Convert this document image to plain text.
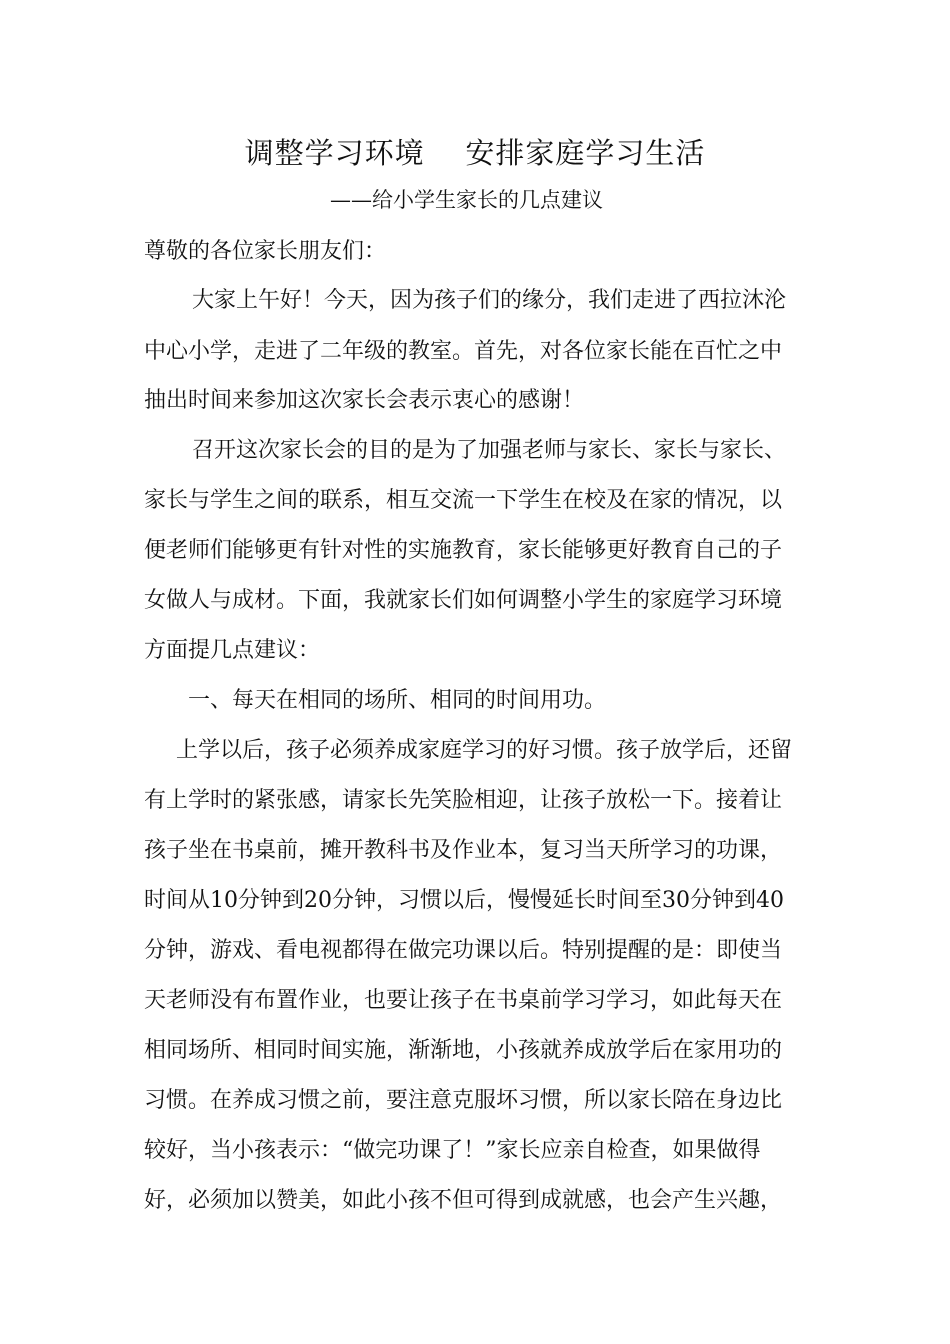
调整学习环境    安排家庭学习生活
——给小学生家长的几点建议
尊敬的各位家长朋友们：
　大家上午好！今天，因为孩子们的缘分，我们走进了西拉沐沦
中心小学，走进了二年级的教室。首先，对各位家长能在百忙之中
抽出时间来参加这次家长会表示衷心的感谢！
　召开这次家长会的目的是为了加强老师与家长、家长与家长、
家长与学生之间的联系，相互交流一下学生在校及在家的情况，以
便老师们能够更有针对性的实施教育，家长能够更好教育自己的子
女做人与成材。下面，我就家长们如何调整小学生的家庭学习环境
方面提几点建议：
　一、每天在相同的场所、相同的时间用功。
　上学以后，孩子必须养成家庭学习的好习惯。孩子放学后，还留
有上学时的紧张感，请家长先笑脸相迎，让孩子放松一下。接着让
孩子坐在书桌前，摊开教科书及作业本，复习当天所学习的功课，
时间从10分钟到20分钟，习惯以后，慢慢延长时间至30分钟到40
分钟，游戏、看电视都得在做完功课以后。特别提醒的是：即使当
天老师没有布置作业，也要让孩子在书桌前学习学习，如此每天在
相同场所、相同时间实施，渐渐地，小孩就养成放学后在家用功的
习惯。在养成习惯之前，要注意克服坏习惯，所以家长陪在身边比
较好，当小孩表示：“做完功课了！”家长应亲自检查，如果做得
好，必须加以赞美，如此小孩不但可得到成就感，也会产生兴趣，
